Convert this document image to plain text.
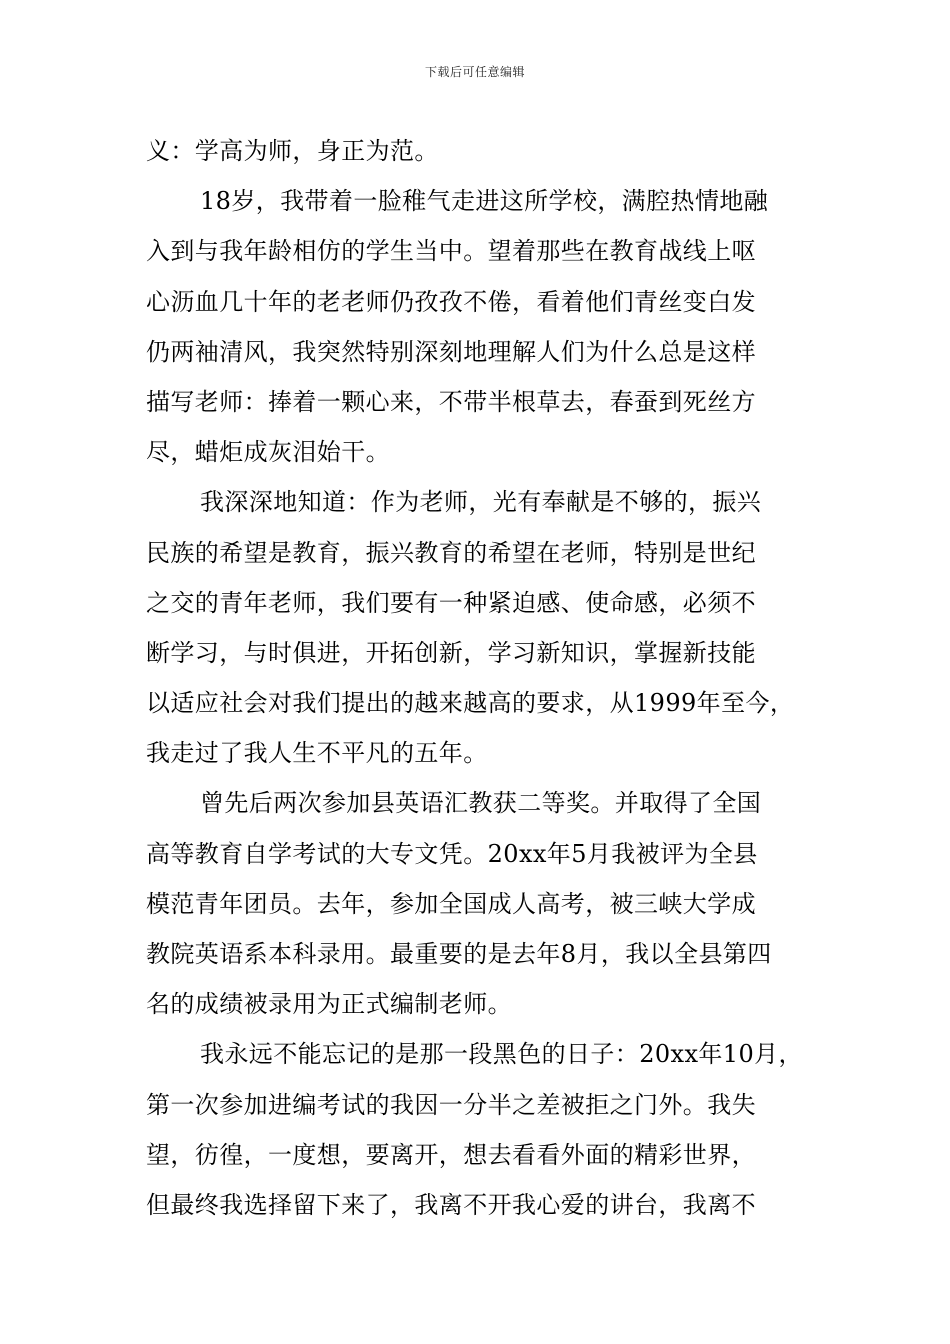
下载后可任意编辑
义：学高为师，身正为范。
18岁，我带着一脸稚气走进这所学校，满腔热情地融
入到与我年龄相仿的学生当中。望着那些在教育战线上呕
心沥血几十年的老老师仍孜孜不倦，看着他们青丝变白发
仍两袖清风，我突然特别深刻地理解人们为什么总是这样
描写老师：捧着一颗心来，不带半根草去，春蚕到死丝方
尽，蜡炬成灰泪始干。
我深深地知道：作为老师，光有奉献是不够的，振兴
民族的希望是教育，振兴教育的希望在老师，特别是世纪
之交的青年老师，我们要有一种紧迫感、使命感，必须不
断学习，与时俱进，开拓创新，学习新知识，掌握新技能
以适应社会对我们提出的越来越高的要求，从1999年至今，
我走过了我人生不平凡的五年。
曾先后两次参加县英语汇教获二等奖。并取得了全国
高等教育自学考试的大专文凭。20xx年5月我被评为全县
模范青年团员。去年，参加全国成人高考，被三峡大学成
教院英语系本科录用。最重要的是去年8月，我以全县第四
名的成绩被录用为正式编制老师。
我永远不能忘记的是那一段黑色的日子：20xx年10月，
第一次参加进编考试的我因一分半之差被拒之门外。我失
望，彷徨，一度想，要离开，想去看看外面的精彩世界，
但最终我选择留下来了，我离不开我心爱的讲台，我离不
